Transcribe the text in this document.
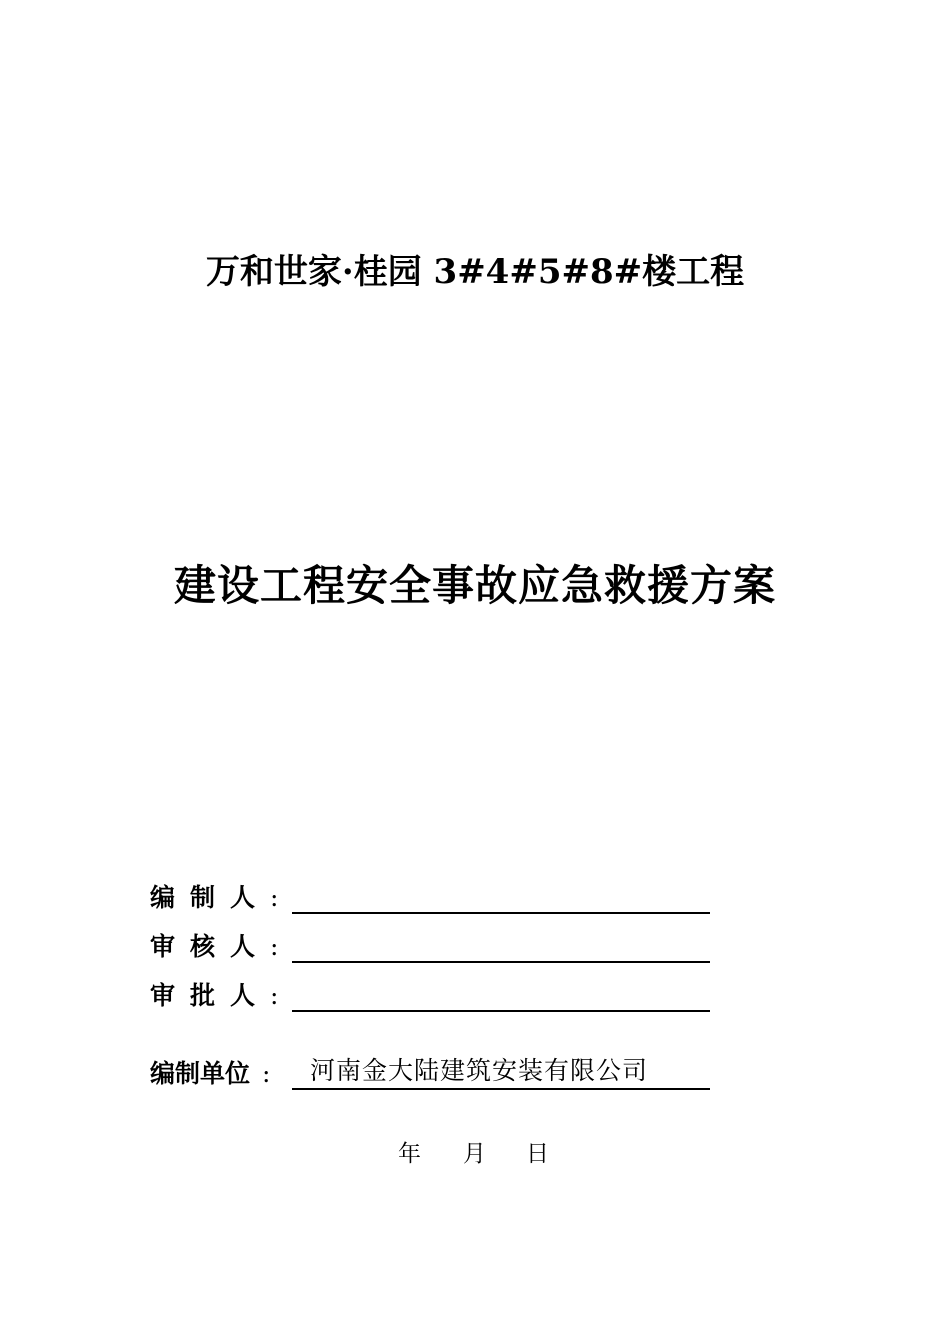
万和世家·桂园 3#4#5#8#楼工程
建设工程安全事故应急救援方案
编制人 :
审核人 :
审批人 :
编制单位 : 河南金大陆建筑安装有限公司
年 月 日
